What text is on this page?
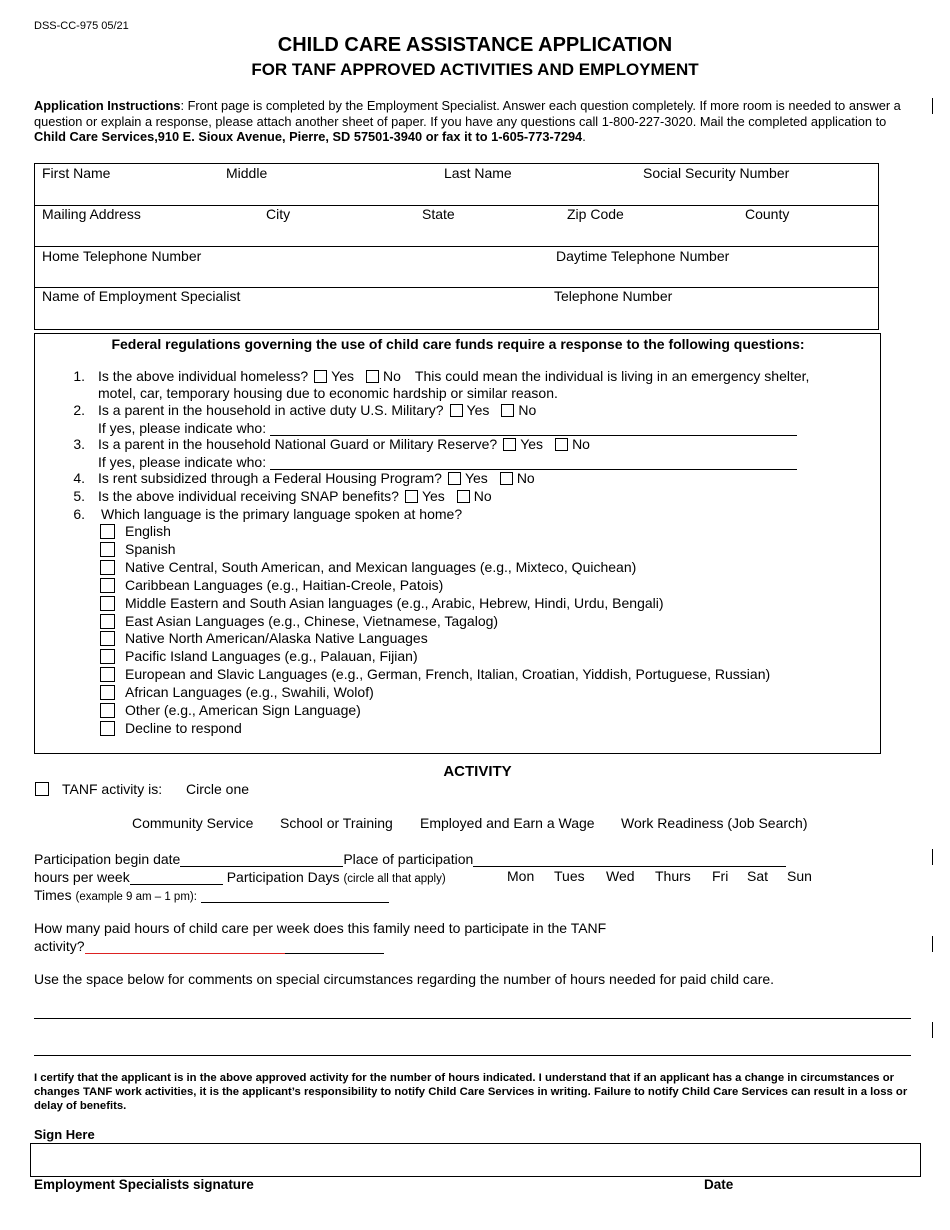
DSS-CC-975 05/21
CHILD CARE ASSISTANCE APPLICATION
FOR TANF APPROVED ACTIVITIES AND EMPLOYMENT
Application Instructions: Front page is completed by the Employment Specialist. Answer each question completely. If more room is needed to answer a question or explain a response, please attach another sheet of paper. If you have any questions call 1-800-227-3020. Mail the completed application to Child Care Services,910 E. Sioux Avenue, Pierre, SD 57501-3940 or fax it to 1-605-773-7294.
First Name	Middle	Last Name	Social Security Number
Mailing Address	City	State	Zip Code	County
Home Telephone Number	Daytime Telephone Number
Name of Employment Specialist	Telephone Number
Federal regulations governing the use of child care funds require a response to the following questions:
1. Is the above individual homeless? Yes No This could mean the individual is living in an emergency shelter,
motel, car, temporary housing due to economic hardship or similar reason.
2. Is a parent in the household in active duty U.S. Military? Yes No
If yes, please indicate who:
3. Is a parent in the household National Guard or Military Reserve? Yes No
If yes, please indicate who:
4. Is rent subsidized through a Federal Housing Program? Yes No
5. Is the above individual receiving SNAP benefits? Yes No
6. Which language is the primary language spoken at home?
English
Spanish
Native Central, South American, and Mexican languages (e.g., Mixteco, Quichean)
Caribbean Languages (e.g., Haitian-Creole, Patois)
Middle Eastern and South Asian languages (e.g., Arabic, Hebrew, Hindi, Urdu, Bengali)
East Asian Languages (e.g., Chinese, Vietnamese, Tagalog)
Native North American/Alaska Native Languages
Pacific Island Languages (e.g., Palauan, Fijian)
European and Slavic Languages (e.g., German, French, Italian, Croatian, Yiddish, Portuguese, Russian)
African Languages (e.g., Swahili, Wolof)
Other (e.g., American Sign Language)
Decline to respond
ACTIVITY
TANF activity is: Circle one
Community Service School or Training Employed and Earn a Wage Work Readiness (Job Search)
Participation begin date	Place of participation
hours per week	Participation Days (circle all that apply)	Mon Tues Wed Thurs Fri Sat Sun
Times (example 9 am – 1 pm):
How many paid hours of child care per week does this family need to participate in the TANF
activity?
Use the space below for comments on special circumstances regarding the number of hours needed for paid child care.
I certify that the applicant is in the above approved activity for the number of hours indicated. I understand that if an applicant has a change in circumstances or changes TANF work activities, it is the applicant’s responsibility to notify Child Care Services in writing. Failure to notify Child Care Services can result in a loss or delay of benefits.
Sign Here
Employment Specialists signature	Date
